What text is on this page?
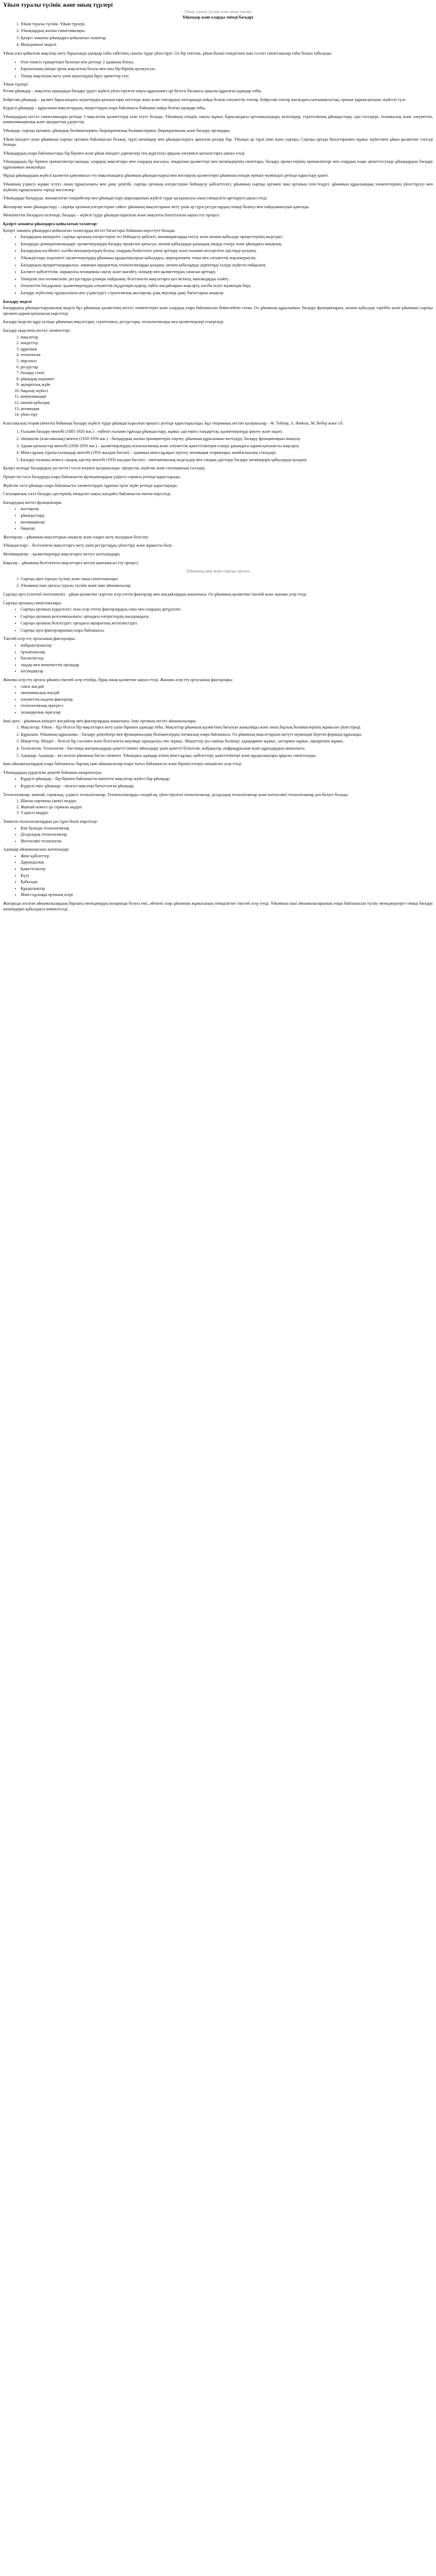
Ұйым туралы түсінік және оның түрлері
Ұйым туралы түсінік және оның түрлері
Ұйымдар және оларды тиімді басқару
1. Ұйым туралы түсінік. Ұйым түрлері.
2. Ұйымдардың жалпы сипаттамалары.
3. Қазіргі заманғы ұйымдарға қойылатын талаптар.
4. Менеджмент моделі.

Ұйым алға қойылған мақсатқа жету барысында адамдар тобы өзбетінің саналы түрде үйлестіруі. Ол бір тектілік, ұйым болып өзіндігінен ішкі еселігі сипаттамалар тобы болып табылады:

• Өзін тиімсіз ғұмыртешіл болатын кем дегенде 2 адамның болуы.
• Барлығының ішінде ортақ мақсаттың болуы мен оны бір-бірінің ортақтасуы.
• Тиімді мақсатына жету үшін мүшелердің бірге әрекеттер етуі.

Ұйым түрлері:

Ресми ұйымдар – мақсатты орындауда басқару үрдісі жүйелі үйлестірілген нақты құрылымға әрі белгілі басшысы арқылы құрылған адамдар тобы.

Бейресми ұйымдар – қызмет барысындағы мүшелердің қатынастары негізінде жеке және топтардың топтарында пайда болған әлеуметтік топтар. Бейресми топтар жасандағы ынтымақтастық, ерекше қарым-қатынас жүйесін түзе.

Күрделі ұйымдар – құрылымы мақсаттардың, міндеттердің өзара байланысы бойынша пайда болған адамдар тобы.

Ұйымдардың негізгі сипаттамалары ретінде 3 мақсаттық қызметтерді атап өтуге болады. Ұйымның өзіндік, нақты жұмыс барысындағы орталықтандыру, келісімдер, стратегиялық ұйымдастыру, әдіс-тәсілдері, техникалық және әлеуметтік, коммуникациялық және ақпараттық үдерістер.

Ұйымдар: сыртқы ортамен, ұйымдық бөлімшелермен, бюрократиялық бөлімшелермен, бюрократиялық және басқару органдары.

Ұйым ішіндегі және ұйымның сыртқы ортамен байланысын болжау, түрлі шешімдер мен ұйымдастыруға арналған рөлдер бар. Ұйымда әр түрлі ішкі және сыртқы, Сыртқы ортада бағыттарымен жұмыс жүйесімен ұйым қызметіне тәуелді болады.

Ұйымдардың өзара байланыстары бір бірімен және ұйым ішіндегі дәрежелері тең жүргізілуі арқылы өзгермелі қатынастарға ықпал етеді.

Ұйымдардың бір бірімен ерекшеліктері мынада: олардың мақсаттары мен олардың жасалуы, атқаратын қызметтері мен шешімдерінің сипаттары, басқару процестерінің ерекшеліктері мен олардың өзара әрекеттесуінде ұйымдардың басқару құрылымын анықтайды.

Мұнда ұйымдардың жүйелі қызметін қамтамасыз ету мақсатындағы ұйымның ұйымдастыруы мен жоспарлау қызметтерін ұйымның өзіндік ерекше мүмкіндігі ретінде қарастыру қажет.

Ұйымның үздіксіз жұмыс істеуі, оның тұрақтылығы мен даму деңгейі, сыртқы ортаның өзгерістеріне бейімделу қабілеттілігі, ұйымның сыртқы ортамен ішкі ортаның тепе-теңдігі, ұйымның құрылымдық элементтерінің үйлестірілуі мен жүйенің тұрақтылығы тәрізді мәселелер.

Ұйымдарды басқаруда: жинақталған тәжірибелер мен ұйымдастыру шараларының жүйелі түрде қолданылуы оның тиімділігін арттыруға ықпал етеді.

Жоспарлау және ұйымдастыру – сыртқы ортаның өзгерістеріне сәйкес ұйымның мақсаттарына жету үшін әр түрлі ресурстардың тиімді бөлінуі мен пайдаланылуын қамтиды.

Мемлекеттік басқаруға келгенде, басқару – жүйелі түрде ұйымдастырылған және мақсатты бағытталған ықпал ету процесі.

Қазіргі заманғы ұйымдарға қойылатын талаптар:

Қазіргі заманғы ұйымдарға қойылатын талаптарды негізгі бағыттары бойынша көрсетуге болады:

• Басқарудың икемділігі: сыртқы ортаның өзгерістеріне тез бейімделу қабілеті, инновацияларды енгізу және шешім қабылдау процестерінің жеделдігі.
• Басқаруды демократияландыру: қызметкерлердің басқару процесіне қатысуы, шешім қабылдауда ұжымдық пікірді ескеру және ұйымдағы ашықтық.
• Басқарудың кәсібилігі: кәсіби менеджерлердің болуы, олардың біліктілігін үнемі арттыру және ғылыми негізделген әдістерді қолдану.
• Ұйымдастыру мәдениеті: қызметкерлердің ұйымның құндылықтарын қабылдауы, корпоративтік этика мен әлеуметтік жауапкершілік.
• Басқарудың ақпараттандырылуы: заманауи ақпараттық технологияларды қолдану, шешім қабылдауда деректерді талдау жүйесін пайдалану.
• Бәсекеге қабілеттілік: нарықтағы позицияны сақтау және нығайту, өнімдер мен қызметтердің сапасын арттыру.
• Тиімділік пен нәтижелілік: ресурстарды ұтымды пайдалану, белгіленген мақсаттарға қол жеткізу, шығындарды азайту.
• Әлеуметтік бағдарлану: қызметкерлердің әлеуметтік мүдделерін қорғау, еңбек жағдайларын жақсарту, кәсіби өсуге мүмкіндік беру.
• Басқару жүйесінің тұрақтылығы мен үздіксіздігі: стратегиялық жоспарлау, ұзақ мерзімді даму бағыттарын анықтау.

Басқару моделі

Басқарудың ұйымдастырушылық моделі бұл ұйымның қызметінің негізгі элементтерін және олардың өзара байланысын бейнелейтін схема. Ол ұйымның құрылымын, басқару функцияларын, шешім қабылдау тәртібін және ұйымның сыртқы ортамен қарым-қатынасын көрсетеді.

Басқару моделін құру кезінде ұйымның мақсаттары, стратегиясы, ресурстары, технологиялары мен қызметкерлері ескеріледі.

Басқару моделінің негізгі элементтері:

1. мақсаттар
2. міндеттер
3. құрылым
4. технология
5. персонал
6. ресурстар
7. басқару стилі
8. ұйымдық мәдениет
9. ақпараттық жүйе
10. бақылау жүйесі
11. коммуникация
12. шешім қабылдау
13. мотивация
14. үйлестіру

Классикалық теория (мектеп) бойынша басқару жүйелі түрде ұйымдастырылған процесс ретінде қарастырылады. Бұл теорияның негізін қалаушылар – Ф. Тейлор, А. Файоль, М. Вебер және т.б.

1. Ғылыми басқару мектебі (1885-1920 жж.) – еңбекті ғылыми тұрғыда ұйымдастыру, жұмыс әдістерін стандарттау, қызметкерлерді іріктеу және оқыту.
2. Әкімшілік (классикалық) мектеп (1920-1950 жж.) – басқарудың жалпы принциптерін әзірлеу, ұйымның құрылымын жетілдіру, басқару функцияларын анықтау.
3. Адами қатынастар мектебі (1930-1950 жж.) – қызметкерлердің психологиялық және әлеуметтік қажеттіліктерін ескеру, ұжымдағы қарым-қатынасты жақсарту.
4. Мінез-құлық туралы ғылымдар мектебі (1950 жылдан бастап) – адамның мінез-құлқын зерттеу, мотивация теориялары, көшбасшылық стильдері.
5. Басқару ғылымы немесе сандық әдістер мектебі (1950 жылдан бастап) – математикалық модельдер мен сандық әдістерді басқару шешімдерін қабылдауда қолдану.

Қазіргі кезеңде басқарудың үш негізгі тәсілі кеңінен қолданылады: процестік, жүйелік және ситуациялық тәсілдер.

Процестік тәсіл басқаруды өзара байланысты функциялардың үздіксіз сериясы ретінде қарастырады.

Жүйелік тәсіл ұйымды өзара байланысты элементтерден тұратын тұтас жүйе ретінде қарастырады.

Ситуациялық тәсіл басқару әдістерінің тиімділігі нақты жағдайға байланысты екенін көрсетеді.

Басқарудың негізгі функциялары:

• жоспарлау
• ұйымдастыру
• мотивациялау
• бақылау

Жоспарлау – ұйымның мақсаттарын анықтау және оларға жету жолдарын белгілеу.

Ұйымдастыру – белгіленген мақсаттарға жету үшін ресурстарды үйлестіру және жұмысты бөлу.

Мотивациялау – қызметкерлерді мақсаттарға жетуге ынталандыру.

Бақылау – ұйымның белгіленген мақсаттарға жетуін қамтамасыз ету процесі.

Ұйымның ішкі және сыртқы ортасы
1. Сыртқы орта туралы түсінік және оның сипаттамалары
2. Ұйымның ішкі ортасы туралы түсінік және ішкі айнымалылар

Сыртқы орта (external environment) – ұйым қызметіне сырттан әсер ететін факторлар мен жағдайлардың жиынтығы. Ол ұйымның қызметіне тікелей және жанама әсер етеді.

Сыртқы ортаның сипаттамалары:

• Сыртқы ортаның күрделілігі: оған әсер ететін факторлардың саны мен олардың әртүрлілігі.
• Сыртқы ортаның қозғалмалылығы: ортадағы өзгерістердің жылдамдығы.
• Сыртқы ортаның белгісіздігі: ортадағы ақпараттың жеткіліксіздігі.
• Сыртқы орта факторларының өзара байланысы.

Тікелей әсер ету ортасының факторлары:

• жабдықтаушылар
• тұтынушылар
• бәсекелестер
• заңдар мен мемлекеттік органдар
• кәсіподақтар

Жанама әсер ету ортасы ұйымға тікелей әсер етпейді, бірақ оның қызметіне ықпал етеді. Жанама әсер ету ортасының факторлары:

• саяси жағдай
• экономикалық жағдай
• әлеуметтік-мәдени факторлар
• технологиялық прогресс
• халықаралық оқиғалар

Ішкі орта – ұйымның ішіндегі жағдайлар мен факторлардың жиынтығы. Ішкі ортаның негізгі айнымалылары:

1. Мақсаттар. Ұйым – бұл белгілі бір мақсаттарға жету үшін біріккен адамдар тобы. Мақсаттар ұйымның қызметінің бағытын анықтайды және оның барлық бөлімшелерінің жұмысын үйлестіреді.
2. Құрылым. Ұйымның құрылымы – басқару деңгейлері мен функционалдық бөлімшелердің логикалық өзара байланысы. Ол ұйымның мақсаттарына жетуге мүмкіндік беретін формада құрылады.
3. Міндеттер. Міндет – белгілі бір тәсілмен және белгіленген мерзімде орындалуы тиіс жұмыс. Міндеттер үш санатқа бөлінеді: адамдармен жұмыс, заттармен жұмыс, ақпаратпен жұмыс.
4. Технология. Технология – бастапқы материалдарды қажетті өнімге айналдыру үшін қажетті біліктілік, жабдықтар, инфрақұрылым және құралдардың жиынтығы.
5. Адамдар. Адамдар – кез келген ұйымның басты элементі. Ұйымдағы адамдар өзінің мінез-құлқы, қабілеттері, қажеттіліктері және құндылықтары арқылы сипатталады.

Ішкі айнымалылардың өзара байланысы: барлық ішкі айнымалылар өзара тығыз байланысты және бірінің өзгеруі екіншісіне әсер етеді.

Ұйымдардың күрделілік деңгейі бойынша ажыратылуы:

• Күрделі ұйымдар – бір-бірімен байланысты көптеген мақсаттар жүйесі бар ұйымдар.
• Күрделі емес ұйымдар – жалғыз мақсатқа бағытталған ұйымдар.

Технологиялар: жаппай, сериялық, үздіксіз технологиялар. Технологияларды сондай-ақ, үйлестірілген технологиялар, делдалдық технологиялар және интенсивті технологиялар деп бөлуге болады.

1. Шағын партиялы (жеке) өндіріс
2. Жаппай немесе ірі сериялы өндіріс
3. Үздіксіз өндіріс

Томпсон технологиялардың үш түрін бөліп көрсетеді:

• Көп буынды технологиялар
• Делдалдық технологиялар
• Интенсивті технология

Адамдар айнымалысына жататындар:

• Жеке қабілеттер
• Дарындылық
• Қажеттіліктер
• Күту
• Қабылдау
• Құндылықтар
• Мінез-құлыққа ортаның әсері

Жоғарыда аталған айнымалылардың барлығы менеджердің назарында болуы тиіс, өйткені олар ұйымның жұмысының тиімділігіне тікелей әсер етеді. Ұйымның ішкі айнымалыларының өзара байланысын түсіну менеджерлерге тиімді басқару шешімдерін қабылдауға көмектеседі.
